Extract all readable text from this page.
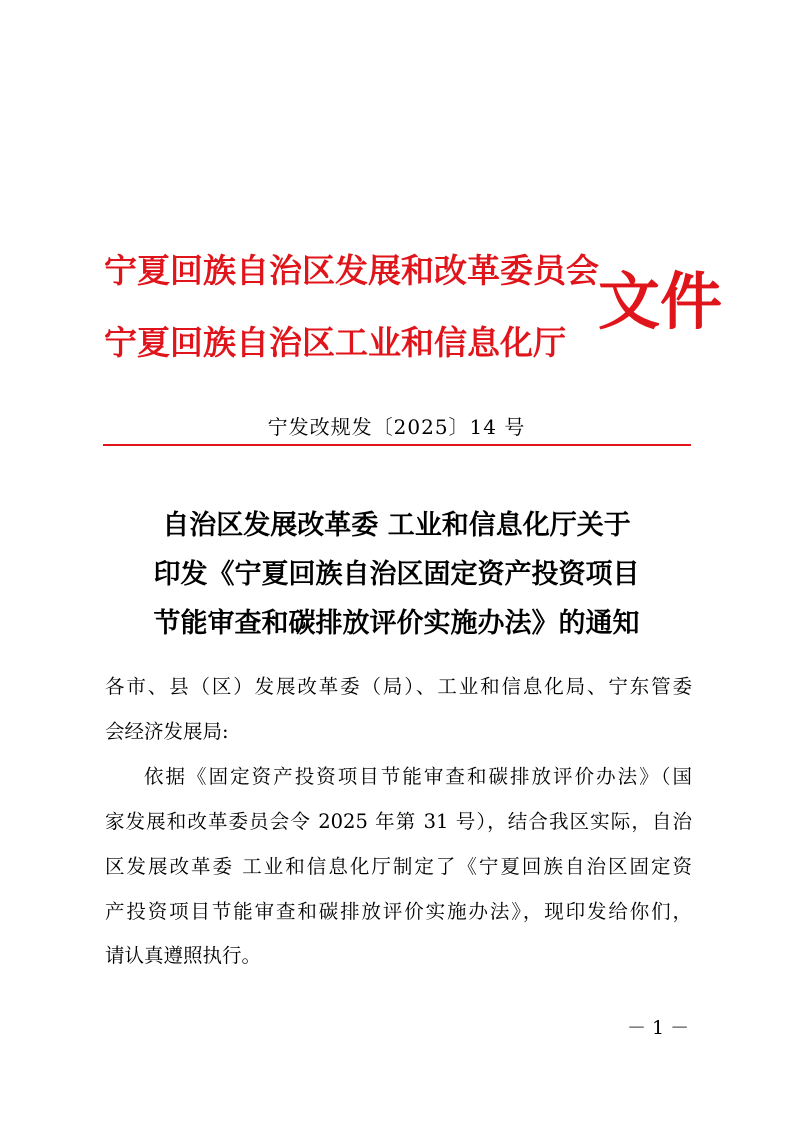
宁夏回族自治区发展和改革委员会
宁夏回族自治区工业和信息化厅
文件
宁发改规发〔2025〕14 号
自治区发展改革委 工业和信息化厅关于
印发《宁夏回族自治区固定资产投资项目
节能审查和碳排放评价实施办法》的通知
各市、县（区）发展改革委（局）、工业和信息化局、宁东管委
会经济发展局:
依据《固定资产投资项目节能审查和碳排放评价办法》（国
家发展和改革委员会令 2025 年第 31 号），结合我区实际，自治
区发展改革委 工业和信息化厅制定了《宁夏回族自治区固定资
产投资项目节能审查和碳排放评价实施办法》，现印发给你们，
请认真遵照执行。
－ 1 －
